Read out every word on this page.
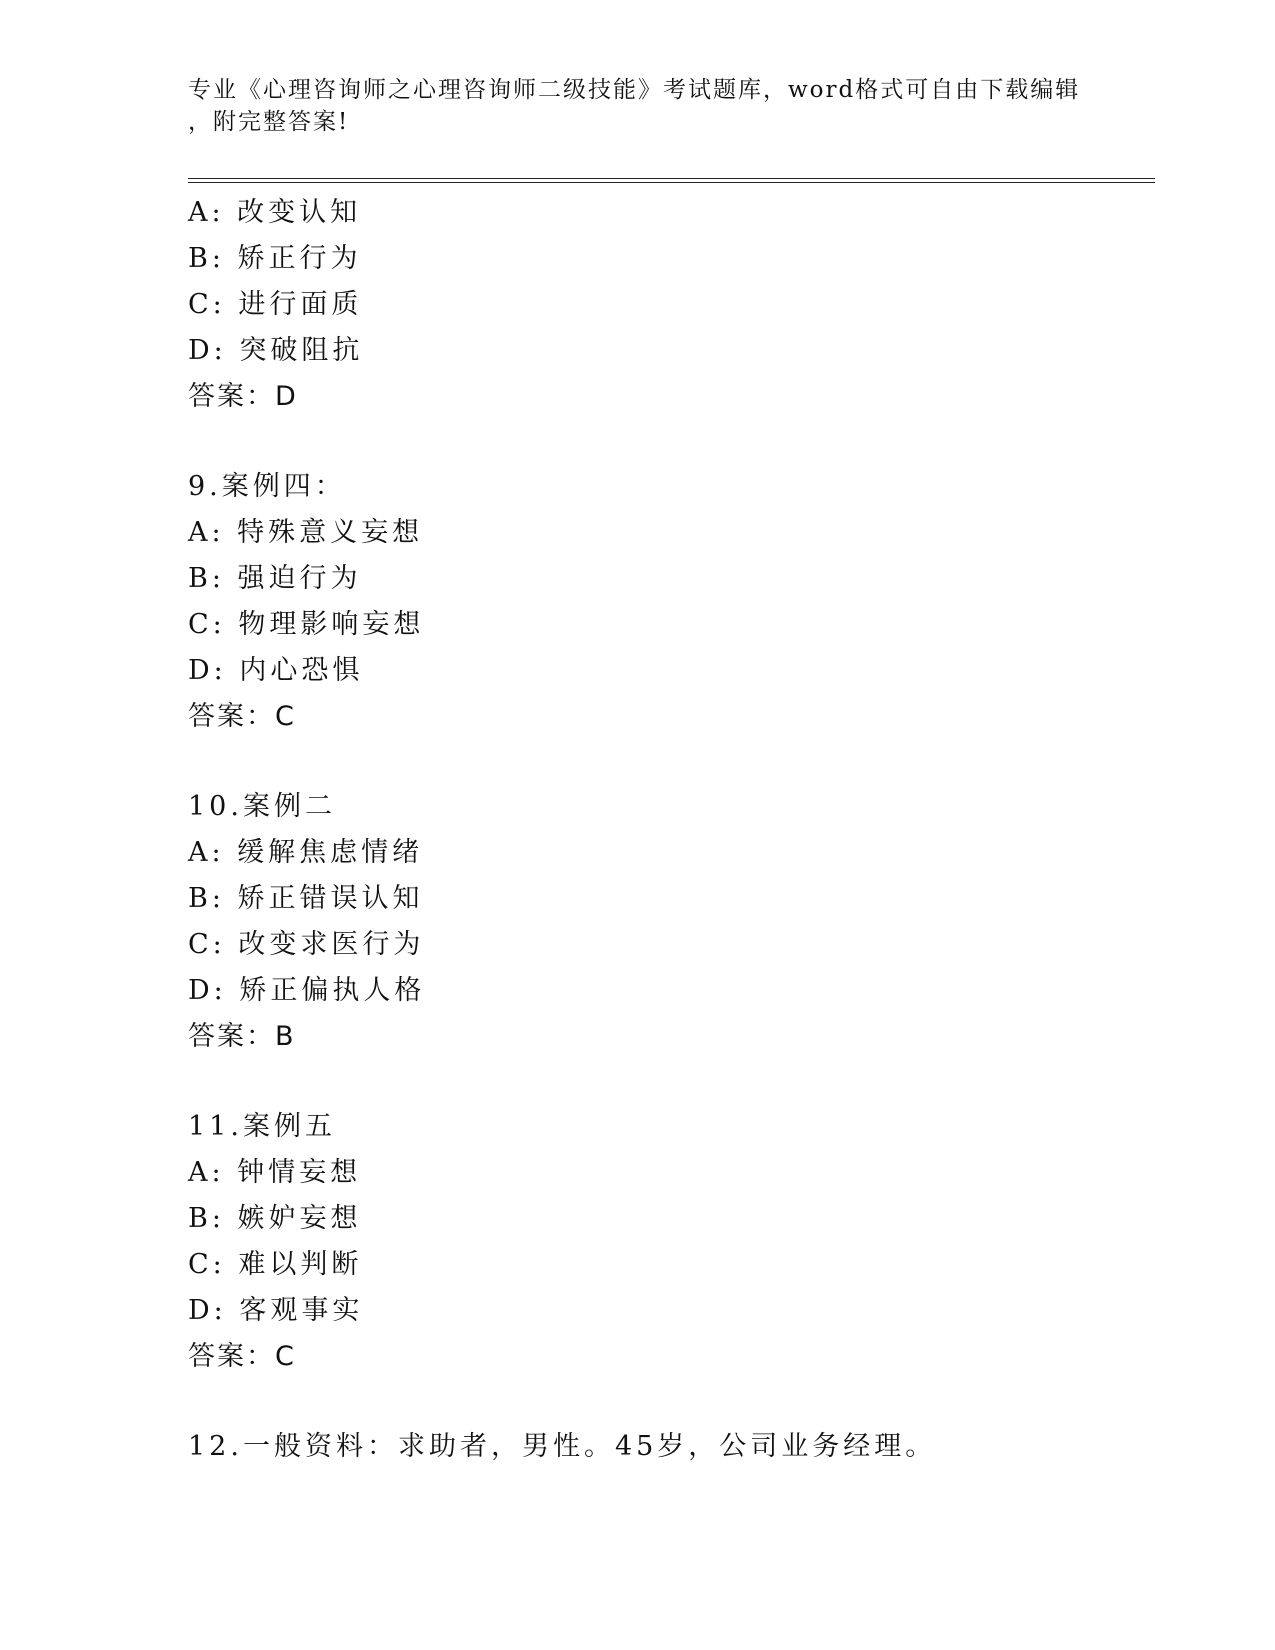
专业《心理咨询师之心理咨询师二级技能》考试题库，word格式可自由下载编辑
，附完整答案!
A: 改变认知
B: 矫正行为
C: 进行面质
D: 突破阻抗
答案：D
9.案例四：
A: 特殊意义妄想
B: 强迫行为
C: 物理影响妄想
D: 内心恐惧
答案：C
10.案例二
A: 缓解焦虑情绪
B: 矫正错误认知
C: 改变求医行为
D: 矫正偏执人格
答案：B
11.案例五
A: 钟情妄想
B: 嫉妒妄想
C: 难以判断
D: 客观事实
答案：C
12.一般资料：求助者，男性。45岁，公司业务经理。
